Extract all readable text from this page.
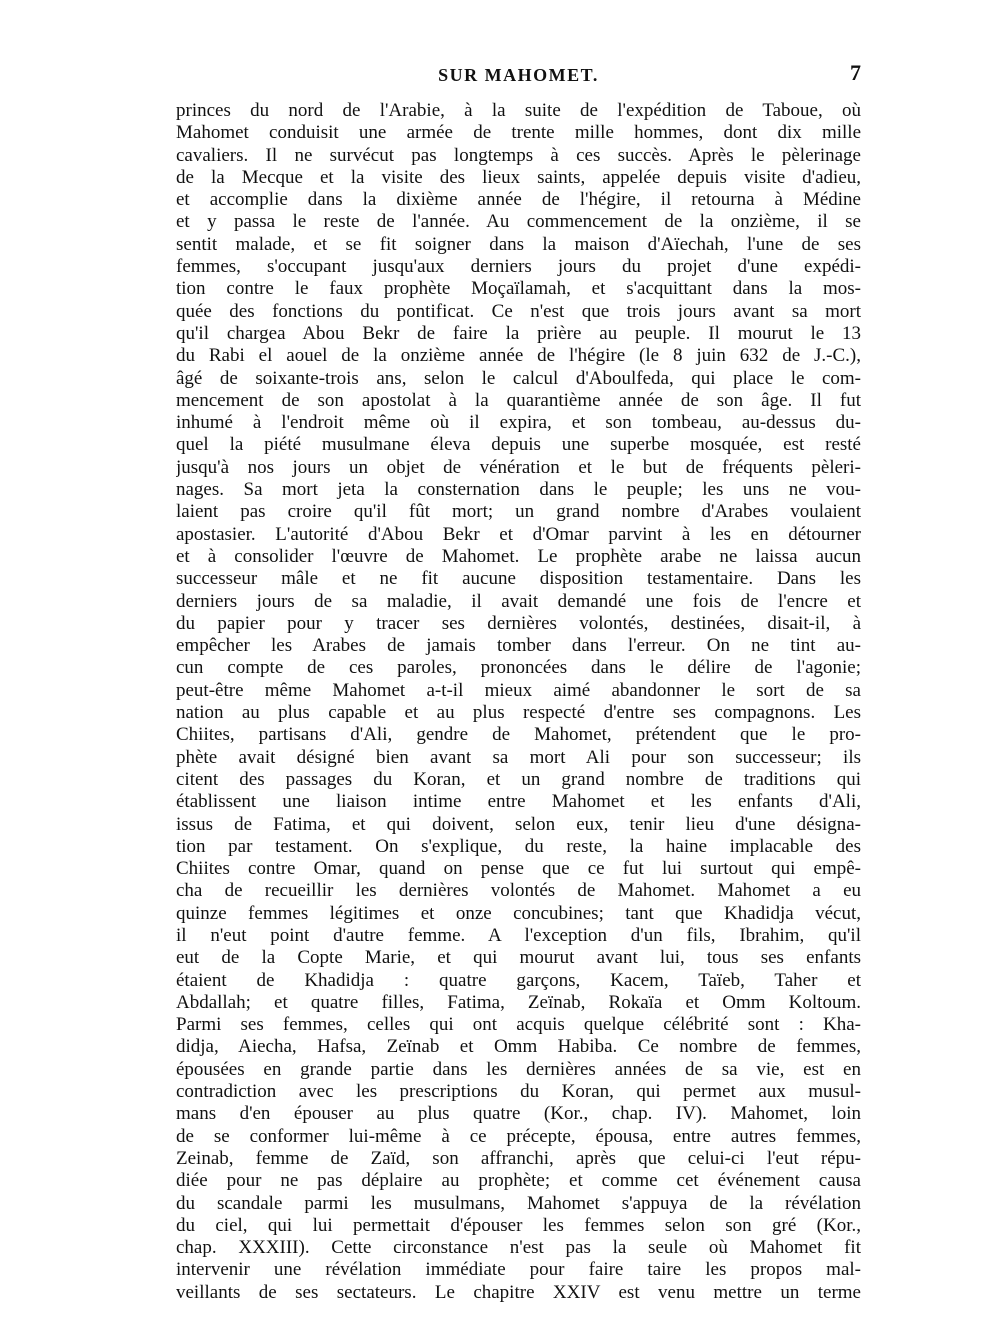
SUR MAHOMET.	7
princes du nord de l'Arabie, à la suite de l'expédition de Taboue, où
Mahomet conduisit une armée de trente mille hommes, dont dix mille
cavaliers. Il ne survécut pas longtemps à ces succès. Après le pèlerinage
de la Mecque et la visite des lieux saints, appelée depuis visite d'adieu,
et accomplie dans la dixième année de l'hégire, il retourna à Médine
et y passa le reste de l'année. Au commencement de la onzième, il se
sentit malade, et se fit soigner dans la maison d'Aïechah, l'une de ses
femmes, s'occupant jusqu'aux derniers jours du projet d'une expédi-
tion contre le faux prophète Moçaïlamah, et s'acquittant dans la mos-
quée des fonctions du pontificat. Ce n'est que trois jours avant sa mort
qu'il chargea Abou Bekr de faire la prière au peuple. Il mourut le 13
du Rabi el aouel de la onzième année de l'hégire (le 8 juin 632 de J.-C.),
âgé de soixante-trois ans, selon le calcul d'Aboulfeda, qui place le com-
mencement de son apostolat à la quarantième année de son âge. Il fut
inhumé à l'endroit même où il expira, et son tombeau, au-dessus du-
quel la piété musulmane éleva depuis une superbe mosquée, est resté
jusqu'à nos jours un objet de vénération et le but de fréquents pèleri-
nages. Sa mort jeta la consternation dans le peuple; les uns ne vou-
laient pas croire qu'il fût mort; un grand nombre d'Arabes voulaient
apostasier. L'autorité d'Abou Bekr et d'Omar parvint à les en détourner
et à consolider l'œuvre de Mahomet. Le prophète arabe ne laissa aucun
successeur mâle et ne fit aucune disposition testamentaire. Dans les
derniers jours de sa maladie, il avait demandé une fois de l'encre et
du papier pour y tracer ses dernières volontés, destinées, disait-il, à
empêcher les Arabes de jamais tomber dans l'erreur. On ne tint au-
cun compte de ces paroles, prononcées dans le délire de l'agonie;
peut-être même Mahomet a-t-il mieux aimé abandonner le sort de sa
nation au plus capable et au plus respecté d'entre ses compagnons. Les
Chiites, partisans d'Ali, gendre de Mahomet, prétendent que le pro-
phète avait désigné bien avant sa mort Ali pour son successeur; ils
citent des passages du Koran, et un grand nombre de traditions qui
établissent une liaison intime entre Mahomet et les enfants d'Ali,
issus de Fatima, et qui doivent, selon eux, tenir lieu d'une désigna-
tion par testament. On s'explique, du reste, la haine implacable des
Chiites contre Omar, quand on pense que ce fut lui surtout qui empê-
cha de recueillir les dernières volontés de Mahomet. Mahomet a eu
quinze femmes légitimes et onze concubines; tant que Khadidja vécut,
il n'eut point d'autre femme. A l'exception d'un fils, Ibrahim, qu'il
eut de la Copte Marie, et qui mourut avant lui, tous ses enfants
étaient de Khadidja : quatre garçons, Kacem, Taïeb, Taher et
Abdallah; et quatre filles, Fatima, Zeïnab, Rokaïa et Omm Koltoum.
Parmi ses femmes, celles qui ont acquis quelque célébrité sont : Kha-
didja, Aiecha, Hafsa, Zeïnab et Omm Habiba. Ce nombre de femmes,
épousées en grande partie dans les dernières années de sa vie, est en
contradiction avec les prescriptions du Koran, qui permet aux musul-
mans d'en épouser au plus quatre (Kor., chap. IV). Mahomet, loin
de se conformer lui-même à ce précepte, épousa, entre autres femmes,
Zeinab, femme de Zaïd, son affranchi, après que celui-ci l'eut répu-
diée pour ne pas déplaire au prophète; et comme cet événement causa
du scandale parmi les musulmans, Mahomet s'appuya de la révélation
du ciel, qui lui permettait d'épouser les femmes selon son gré (Kor.,
chap. XXXIII). Cette circonstance n'est pas la seule où Mahomet fit
intervenir une révélation immédiate pour faire taire les propos mal-
veillants de ses sectateurs. Le chapitre XXIV est venu mettre un terme
